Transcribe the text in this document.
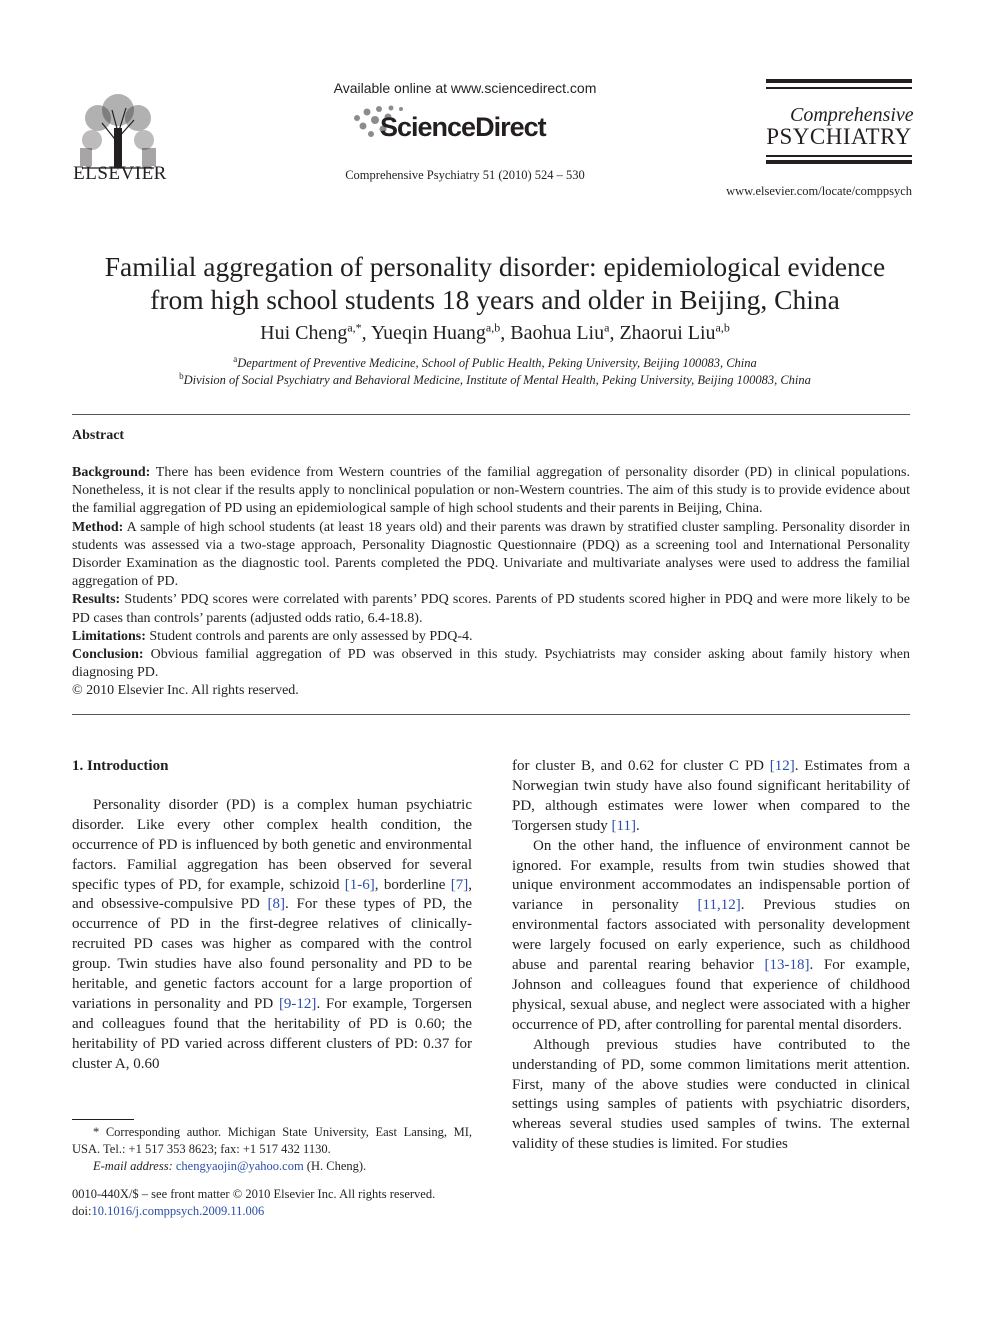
ELSEVIER
Available online at www.sciencedirect.com
ScienceDirect
Comprehensive Psychiatry 51 (2010) 524 – 530
Comprehensive
PSYCHIATRY
www.elsevier.com/locate/comppsych
Familial aggregation of personality disorder: epidemiological evidence
from high school students 18 years and older in Beijing, China
Hui Cheng$^{a,*}$, Yueqin Huang$^{a,b}$, Baohua Liu$^a$, Zhaorui Liu$^{a,b}$
$^a$Department of Preventive Medicine, School of Public Health, Peking University, Beijing 100083, China
$^b$Division of Social Psychiatry and Behavioral Medicine, Institute of Mental Health, Peking University, Beijing 100083, China
Abstract

Background: There has been evidence from Western countries of the familial aggregation of personality disorder (PD) in clinical populations. Nonetheless, it is not clear if the results apply to nonclinical population or non-Western countries. The aim of this study is to provide evidence about the familial aggregation of PD using an epidemiological sample of high school students and their parents in Beijing, China.

Method: A sample of high school students (at least 18 years old) and their parents was drawn by stratified cluster sampling. Personality disorder in students was assessed via a two-stage approach, Personality Diagnostic Questionnaire (PDQ) as a screening tool and International Personality Disorder Examination as the diagnostic tool. Parents completed the PDQ. Univariate and multivariate analyses were used to address the familial aggregation of PD.

Results: Students’ PDQ scores were correlated with parents’ PDQ scores. Parents of PD students scored higher in PDQ and were more likely to be PD cases than controls’ parents (adjusted odds ratio, 6.4-18.8).

Limitations: Student controls and parents are only assessed by PDQ-4.

Conclusion: Obvious familial aggregation of PD was observed in this study. Psychiatrists may consider asking about family history when diagnosing PD.

© 2010 Elsevier Inc. All rights reserved.

1. Introduction

Personality disorder (PD) is a complex human psychiatric disorder. Like every other complex health condition, the occurrence of PD is influenced by both genetic and environmental factors. Familial aggregation has been observed for several specific types of PD, for example, schizoid [1-6], borderline [7], and obsessive-compulsive PD [8]. For these types of PD, the occurrence of PD in the first-degree relatives of clinically-recruited PD cases was higher as compared with the control group. Twin studies have also found personality and PD to be heritable, and genetic factors account for a large proportion of variations in personality and PD [9-12]. For example, Torgersen and colleagues found that the heritability of PD is 0.60; the heritability of PD varied across different clusters of PD: 0.37 for cluster A, 0.60

for cluster B, and 0.62 for cluster C PD [12]. Estimates from a Norwegian twin study have also found significant heritability of PD, although estimates were lower when compared to the Torgersen study [11].

On the other hand, the influence of environment cannot be ignored. For example, results from twin studies showed that unique environment accommodates an indispensable portion of variance in personality [11,12]. Previous studies on environmental factors associated with personality development were largely focused on early experience, such as childhood abuse and parental rearing behavior [13-18]. For example, Johnson and colleagues found that experience of childhood physical, sexual abuse, and neglect were associated with a higher occurrence of PD, after controlling for parental mental disorders.

Although previous studies have contributed to the understanding of PD, some common limitations merit attention. First, many of the above studies were conducted in clinical settings using samples of patients with psychiatric disorders, whereas several studies used samples of twins. The external validity of these studies is limited. For studies

* Corresponding author. Michigan State University, East Lansing, MI, USA. Tel.: +1 517 353 8623; fax: +1 517 432 1130.

E-mail address: chengyaojin@yahoo.com (H. Cheng).

0010-440X/$ – see front matter © 2010 Elsevier Inc. All rights reserved.

doi:10.1016/j.comppsych.2009.11.006
